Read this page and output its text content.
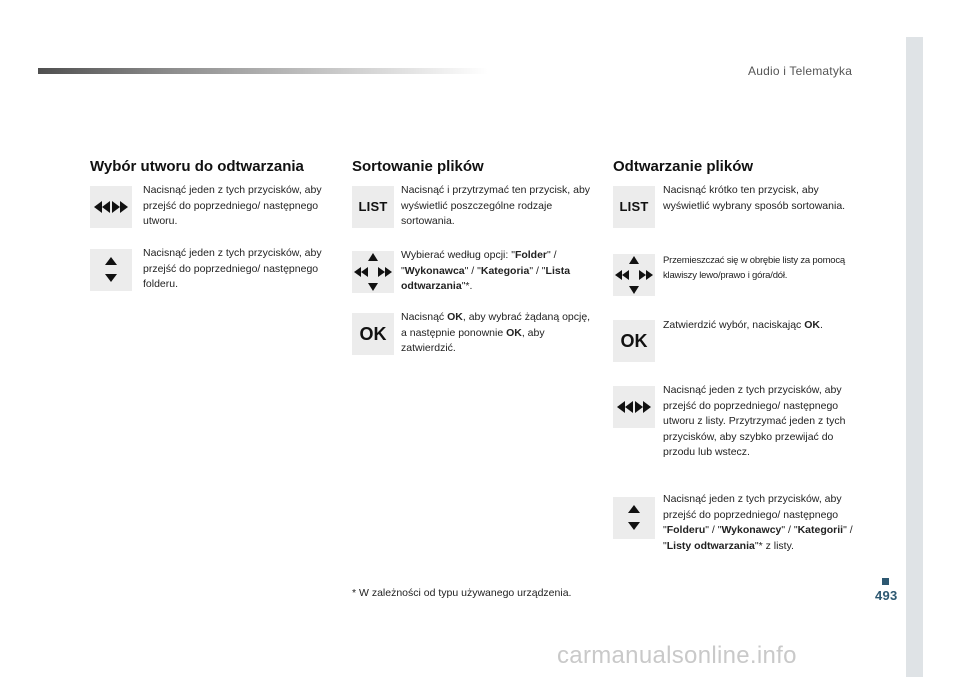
Audio i Telematyka
493
Wybór utworu do odtwarzania
Nacisnąć jeden z tych przycisków, aby przejść do poprzedniego/ następnego utworu.
Nacisnąć jeden z tych przycisków, aby przejść do poprzedniego/ następnego folderu.
Sortowanie plików
LIST
Nacisnąć i przytrzymać ten przycisk, aby wyświetlić poszczególne rodzaje sortowania.
Wybierać według opcji: "Folder" / "Wykonawca" / "Kategoria" / "Lista odtwarzania"*.
OK
Nacisnąć OK, aby wybrać żądaną opcję, a następnie ponownie OK, aby zatwierdzić.
Odtwarzanie plików
LIST
Nacisnąć krótko ten przycisk, aby wyświetlić wybrany sposób sortowania.
Przemieszczać się w obrębie listy za pomocą klawiszy lewo/prawo i góra/dół.
OK
Zatwierdzić wybór, naciskając OK.
Nacisnąć jeden z tych przycisków, aby przejść do poprzedniego/ następnego utworu z listy. Przytrzymać jeden z tych przycisków, aby szybko przewijać do przodu lub wstecz.
Nacisnąć jeden z tych przycisków, aby przejść do poprzedniego/ następnego "Folderu" / "Wykonawcy" / "Kategorii" / "Listy odtwarzania"* z listy.
* W zależności od typu używanego urządzenia.
carmanualsonline.info
